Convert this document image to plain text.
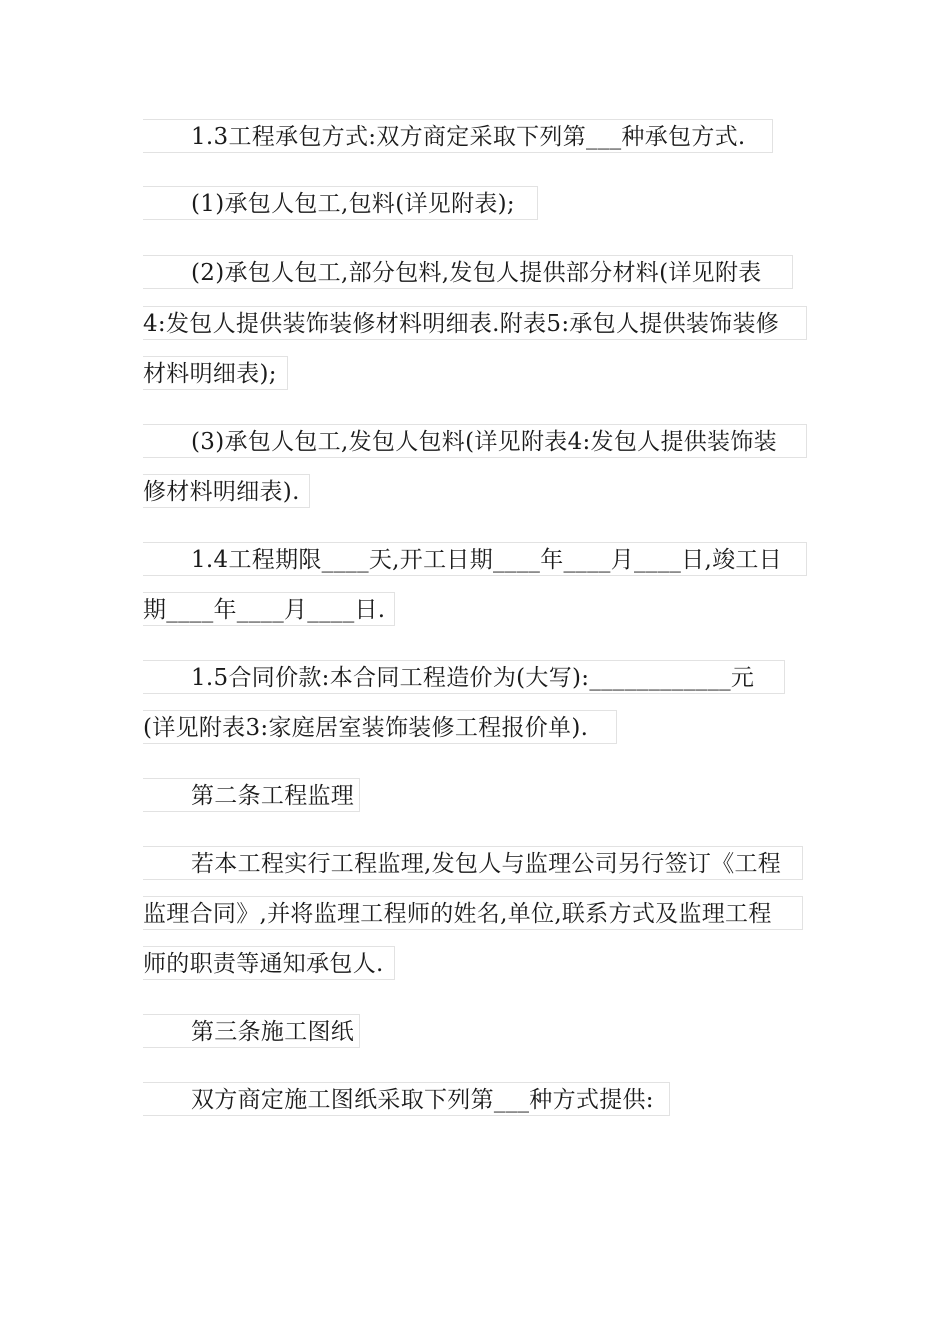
1.3工程承包方式:双方商定采取下列第___种承包方式.
(1)承包人包工,包料(详见附表);
(2)承包人包工,部分包料,发包人提供部分材料(详见附表
4:发包人提供装饰装修材料明细表.附表5:承包人提供装饰装修
材料明细表);
(3)承包人包工,发包人包料(详见附表4:发包人提供装饰装
修材料明细表).
1.4工程期限____天,开工日期____年____月____日,竣工日
期____年____月____日.
1.5合同价款:本合同工程造价为(大写):____________元
(详见附表3:家庭居室装饰装修工程报价单).
第二条工程监理
若本工程实行工程监理,发包人与监理公司另行签订《工程
监理合同》,并将监理工程师的姓名,单位,联系方式及监理工程
师的职责等通知承包人.
第三条施工图纸
双方商定施工图纸采取下列第___种方式提供:
